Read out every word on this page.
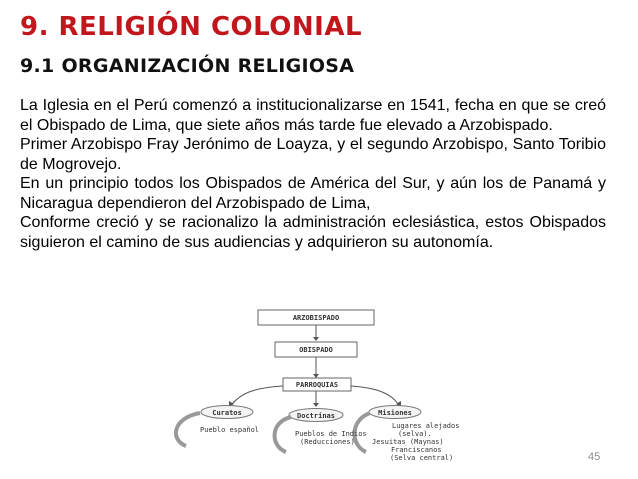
9. RELIGIÓN COLONIAL
9.1 ORGANIZACIÓN RELIGIOSA

La Iglesia en el Perú comenzó a institucionalizarse en 1541, fecha en que se creó el Obispado de Lima, que siete años más tarde fue elevado a Arzobispado.

Primer Arzobispo Fray Jerónimo de Loayza, y el segundo Arzobispo, Santo Toribio de Mogrovejo.

En un principio todos los Obispados de América del Sur, y aún los de Panamá y Nicaragua dependieron del Arzobispado de Lima,

Conforme creció y se racionalizo la administración eclesiástica, estos Obispados siguieron el camino de sus audiencias y adquirieron su autonomía.

ARZOBISPADO
OBISPADO
PARROQUIAS
Curatos	Doctrinas	Misiones
Pueblo español	Pueblos de Indios
(Reducciones)
Lugares alejados
(selva).
Jesuitas (Maynas)
Franciscanos
(Selva central)	45
